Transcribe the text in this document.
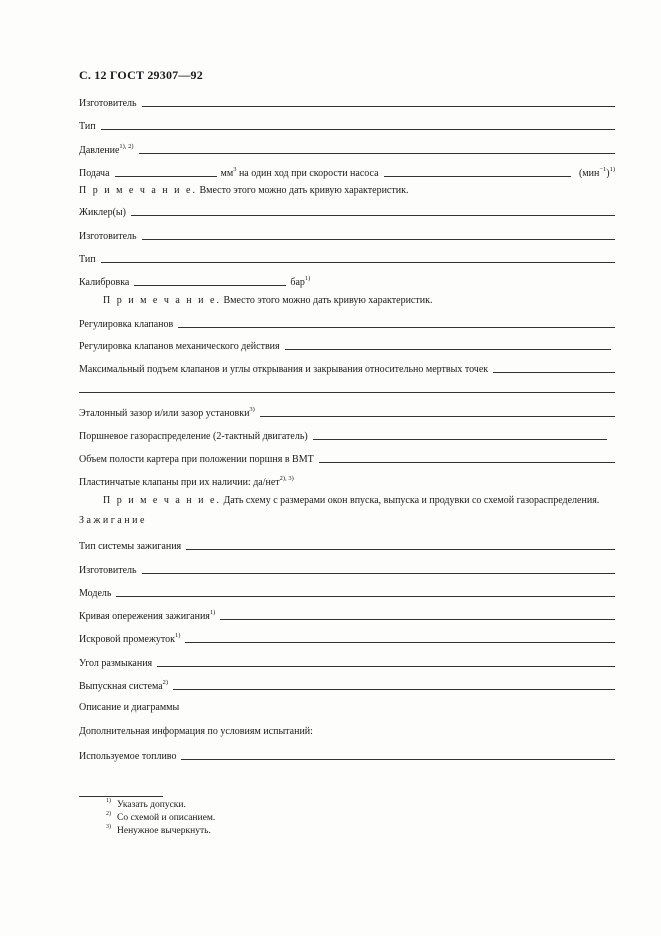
С. 12 ГОСТ 29307—92
Изготовитель
Тип
Давление$^{1), 2)}$
Подача	$мм^3$ на один ход при скорости насоса	$(мин^{-1})^{1)}$
П р и м е ч а н и е. Вместо этого можно дать кривую характеристик.
Жиклер(ы)
Изготовитель
Тип
Калибровка	бар$^{1)}$
П р и м е ч а н и е. Вместо этого можно дать кривую характеристик.
Регулировка клапанов
Регулировка клапанов механического действия
Максимальный подъем клапанов и углы открывания и закрывания относительно мертвых точек
Эталонный зазор и/или зазор установки$^{3)}$
Поршневое газораспределение (2-тактный двигатель)
Объем полости картера при положении поршня в ВМТ
Пластинчатые клапаны при их наличии: да/нет$^{2), 3)}$
П р и м е ч а н и е. Дать схему с размерами окон впуска, выпуска и продувки со схемой газораспределения.
З а ж и г а н и е
Тип системы зажигания
Изготовитель
Модель
Кривая опережения зажигания$^{1)}$
Искровой промежуток$^{1)}$
Угол размыкания
Выпускная система$^{2)}$
Описание и диаграммы
Дополнительная информация по условиям испытаний:
Используемое топливо
$^{1)}$ Указать допуски.
$^{2)}$ Со схемой и описанием.
$^{3)}$ Ненужное вычеркнуть.
